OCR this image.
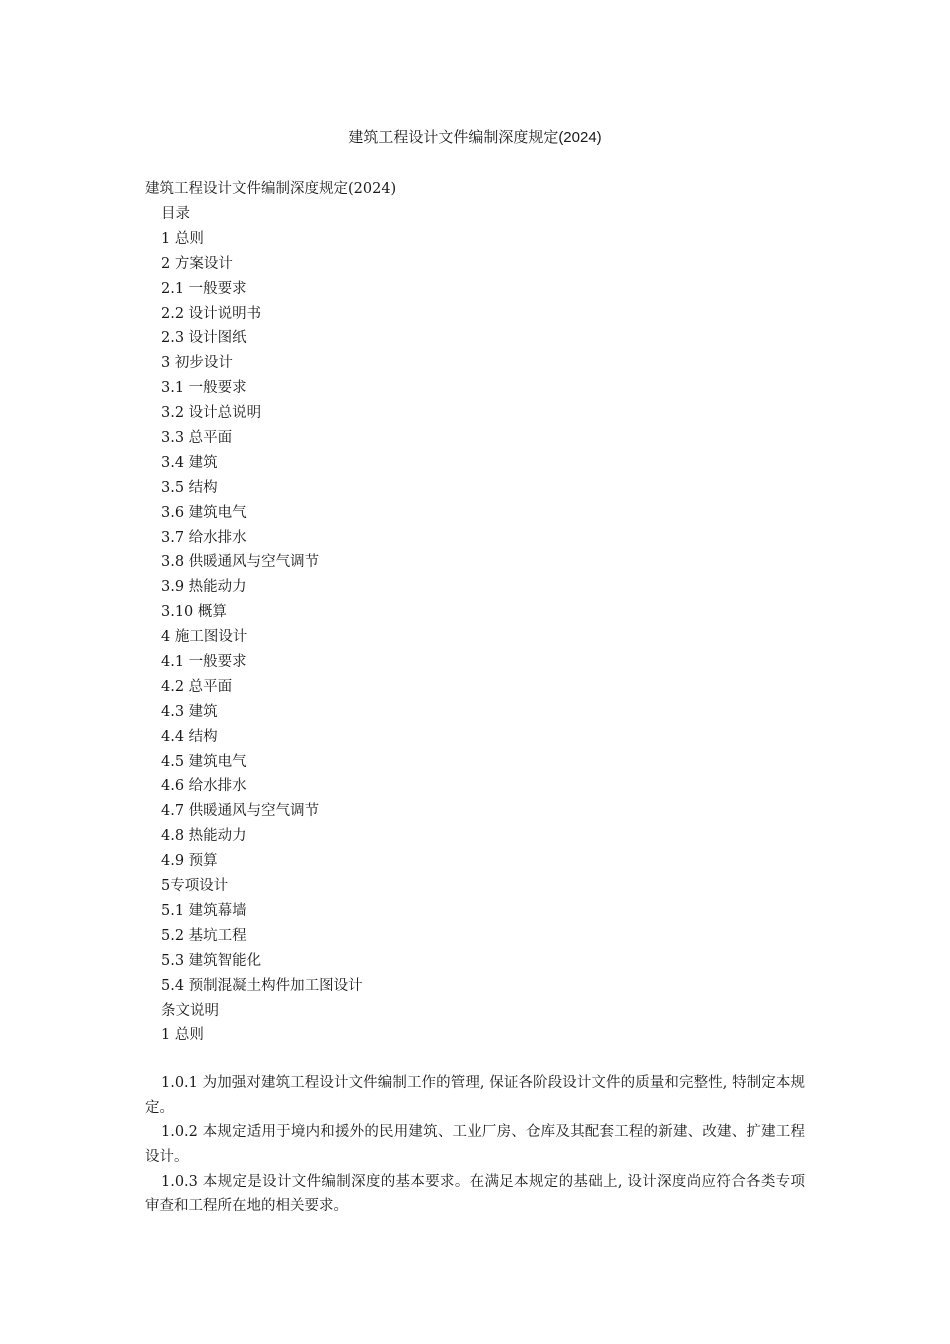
建筑工程设计文件编制深度规定(2024)
建筑工程设计文件编制深度规定(2024)
目录
1 总则
2 方案设计
2.1 一般要求
2.2 设计说明书
2.3 设计图纸
3 初步设计
3.1 一般要求
3.2 设计总说明
3.3 总平面
3.4 建筑
3.5 结构
3.6 建筑电气
3.7 给水排水
3.8 供暖通风与空气调节
3.9 热能动力
3.10 概算
4 施工图设计
4.1 一般要求
4.2 总平面
4.3 建筑
4.4 结构
4.5 建筑电气
4.6 给水排水
4.7 供暖通风与空气调节
4.8 热能动力
4.9 预算
5专项设计
5.1 建筑幕墙
5.2 基坑工程
5.3 建筑智能化
5.4 预制混凝土构件加工图设计
条文说明
1 总则

1.0.1 为加强对建筑工程设计文件编制工作的管理, 保证各阶段设计文件的质量和完整性, 特制定本规定。

1.0.2 本规定适用于境内和援外的民用建筑、工业厂房、仓库及其配套工程的新建、改建、扩建工程设计。

1.0.3 本规定是设计文件编制深度的基本要求。在满足本规定的基础上, 设计深度尚应符合各类专项审查和工程所在地的相关要求。
